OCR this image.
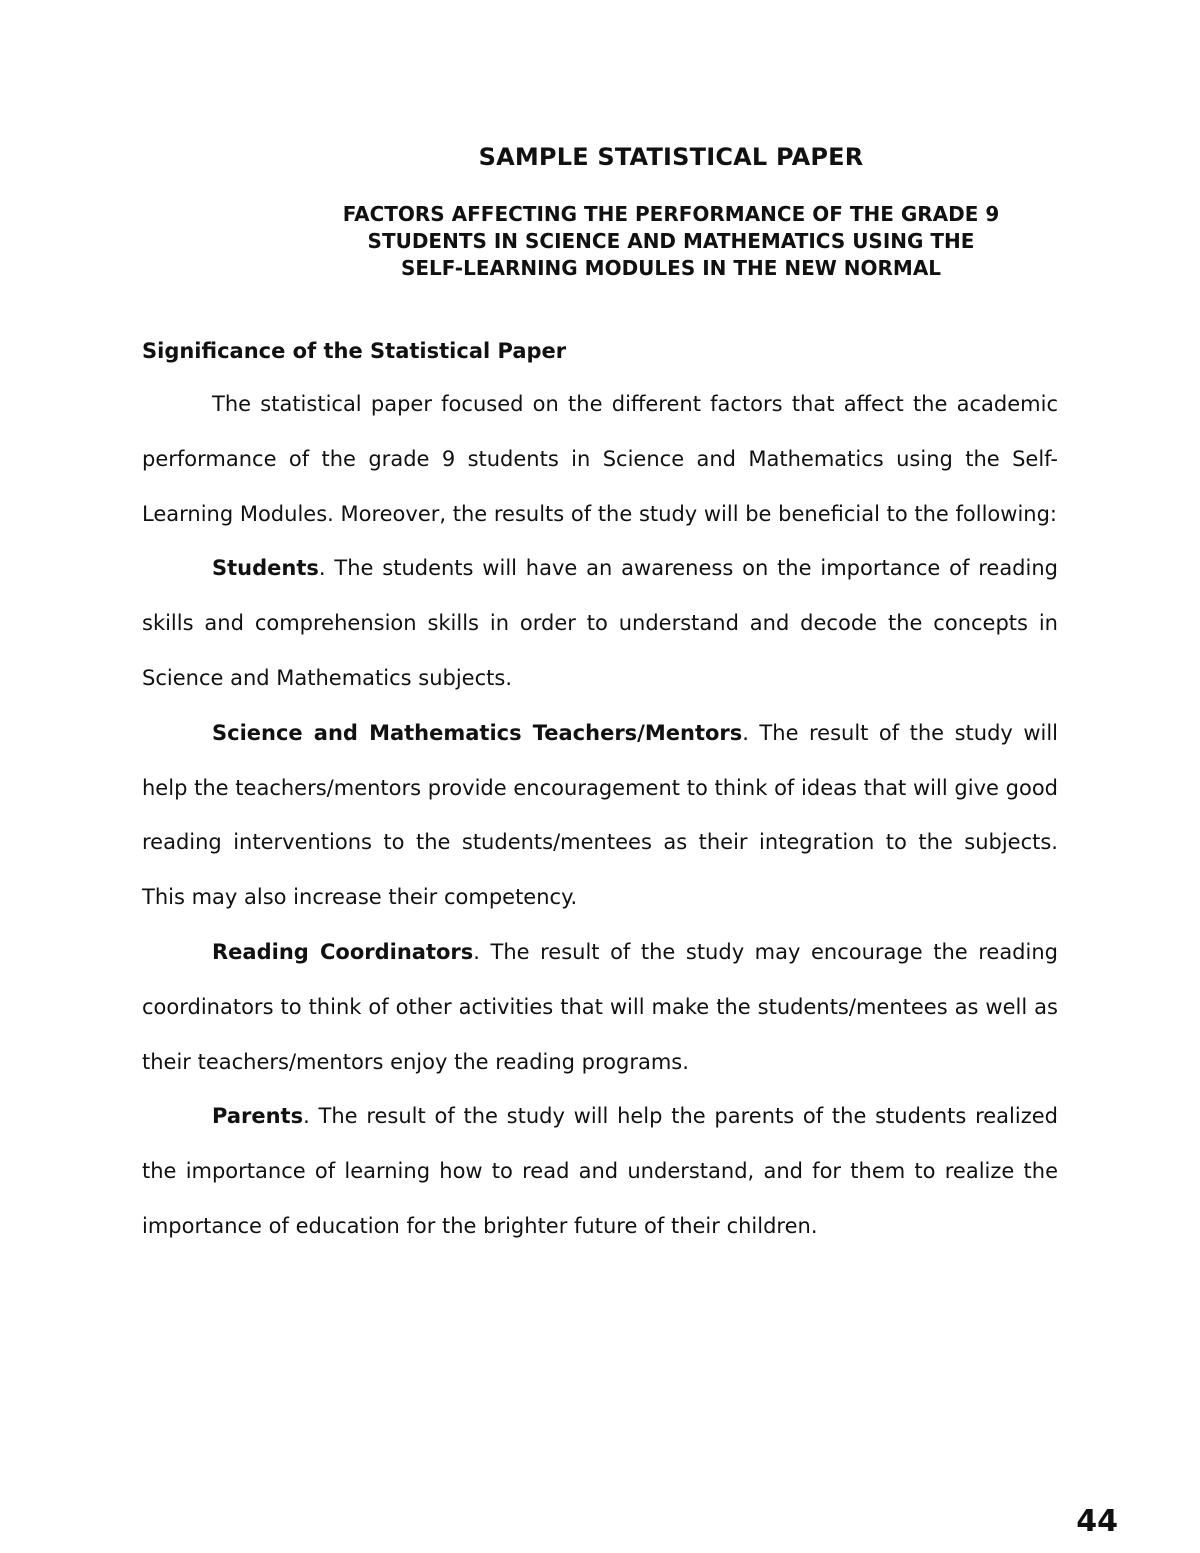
SAMPLE STATISTICAL PAPER
FACTORS AFFECTING THE PERFORMANCE OF THE GRADE 9
STUDENTS IN SCIENCE AND MATHEMATICS USING THE
SELF-LEARNING MODULES IN THE NEW NORMAL
Significance of the Statistical Paper

The statistical paper focused on the different factors that affect the academic performance of the grade 9 students in Science and Mathematics using the Self-Learning Modules. Moreover, the results of the study will be beneficial to the following:

Students. The students will have an awareness on the importance of reading skills and comprehension skills in order to understand and decode the concepts in Science and Mathematics subjects.

Science and Mathematics Teachers/Mentors. The result of the study will help the teachers/mentors provide encouragement to think of ideas that will give good reading interventions to the students/mentees as their integration to the subjects. This may also increase their competency.

Reading Coordinators. The result of the study may encourage the reading coordinators to think of other activities that will make the students/mentees as well as their teachers/mentors enjoy the reading programs.

Parents. The result of the study will help the parents of the students realized the importance of learning how to read and understand, and for them to realize the importance of education for the brighter future of their children.

44
